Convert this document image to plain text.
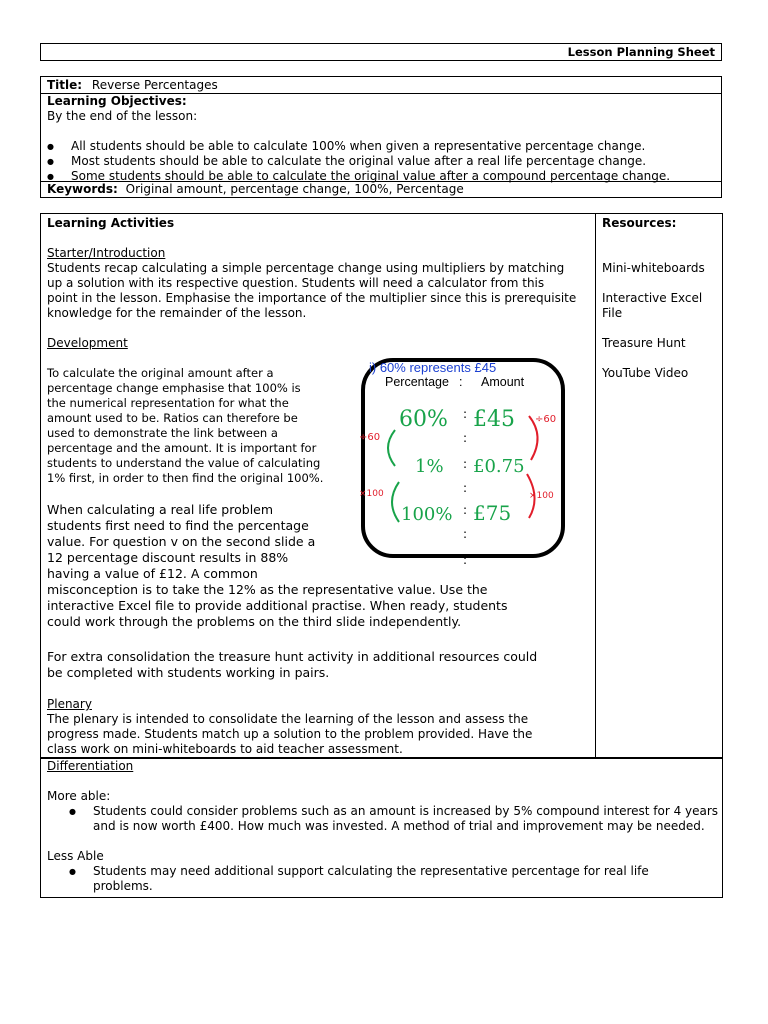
Lesson Planning Sheet
Title: Reverse Percentages
Learning Objectives:
By the end of the lesson:
● All students should be able to calculate 100% when given a representative percentage change.
● Most students should be able to calculate the original value after a real life percentage change.
● Some students should be able to calculate the original value after a compound percentage change.
Keywords: Original amount, percentage change, 100%, Percentage
Learning Activities
Starter/Introduction

Students recap calculating a simple percentage change using multipliers by matching

up a solution with its respective question. Students will need a calculator from this

point in the lesson. Emphasise the importance of the multiplier since this is prerequisite

knowledge for the remainder of the lesson.

Development

To calculate the original amount after a

percentage change emphasise that 100% is

the numerical representation for what the

amount used to be. Ratios can therefore be

used to demonstrate the link between a

percentage and the amount. It is important for

students to understand the value of calculating

1% first, in order to then find the original 100%.

When calculating a real life problem

students first need to find the percentage

value. For question v on the second slide a

12 percentage discount results in 88%

having a value of £12. A common

misconception is to take the 12% as the representative value. Use the

interactive Excel file to provide additional practise. When ready, students

could work through the problems on the third slide independently.

For extra consolidation the treasure hunt activity in additional resources could

be completed with students working in pairs.

Plenary

The plenary is intended to consolidate the learning of the lesson and assess the

progress made. Students match up a solution to the problem provided. Have the

class work on mini-whiteboards to aid teacher assessment.

i) 60% represents £45
Percentage : Amount
:
:
:
:
:
:
:
60% £45
1% £0.75
100% £75
÷60
÷60
×100	×100
Resources:

Mini-whiteboards

Interactive Excel File

Treasure Hunt

YouTube Video

Differentiation
More able:
● Students could consider problems such as an amount is increased by 5% compound interest for 4 years and is now worth £400. How much was invested. A method of trial and improvement may be needed.
Less Able
● Students may need additional support calculating the representative percentage for real life problems.
